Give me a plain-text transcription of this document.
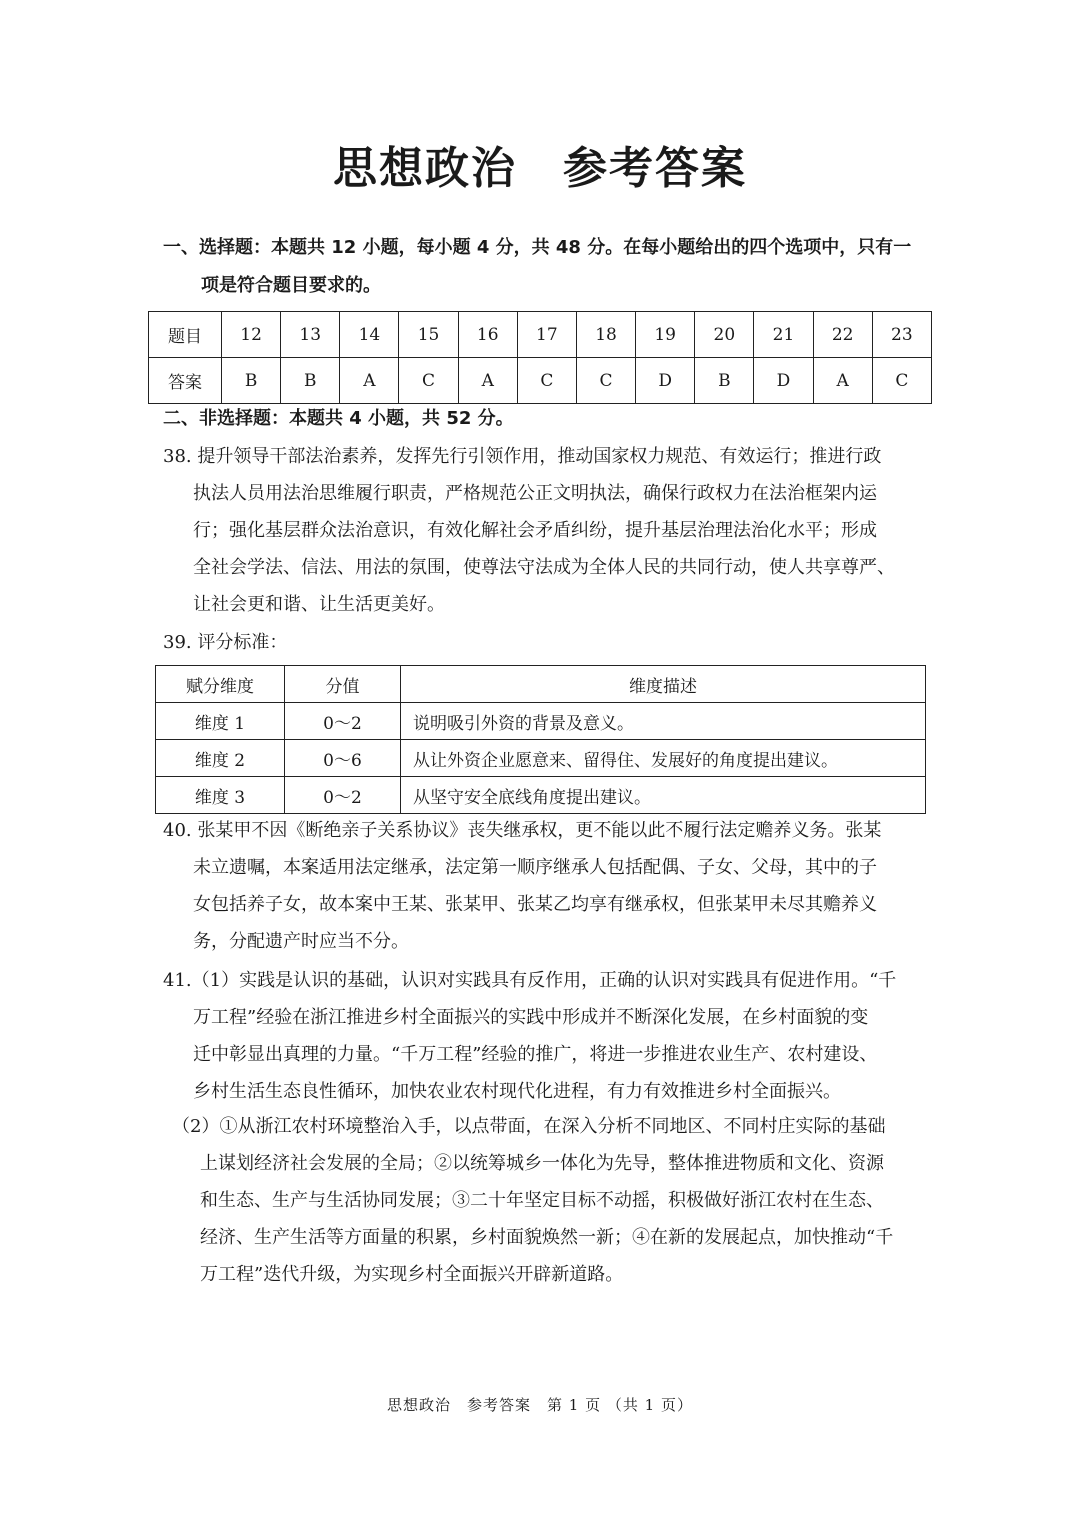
思想政治　参考答案
一、选择题：本题共 12 小题，每小题 4 分，共 48 分。在每小题给出的四个选项中，只有一
项是符合题目要求的。
题目	12	13	14	15	16	17	18	19	20	21	22	23
答案	B	B	A	C	A	C	C	D	B	D	A	C
二、非选择题：本题共 4 小题，共 52 分。
38. 提升领导干部法治素养，发挥先行引领作用，推动国家权力规范、有效运行；推进行政
执法人员用法治思维履行职责，严格规范公正文明执法，确保行政权力在法治框架内运
行；强化基层群众法治意识，有效化解社会矛盾纠纷，提升基层治理法治化水平；形成
全社会学法、信法、用法的氛围，使尊法守法成为全体人民的共同行动，使人共享尊严、
让社会更和谐、让生活更美好。
39. 评分标准：
赋分维度	分值	维度描述
维度 1	0～2	说明吸引外资的背景及意义。
维度 2	0～6	从让外资企业愿意来、留得住、发展好的角度提出建议。
维度 3	0～2	从坚守安全底线角度提出建议。
40. 张某甲不因《断绝亲子关系协议》丧失继承权，更不能以此不履行法定赡养义务。张某
未立遗嘱，本案适用法定继承，法定第一顺序继承人包括配偶、子女、父母，其中的子
女包括养子女，故本案中王某、张某甲、张某乙均享有继承权，但张某甲未尽其赡养义
务，分配遗产时应当不分。
41.（1）实践是认识的基础，认识对实践具有反作用，正确的认识对实践具有促进作用。“千
万工程”经验在浙江推进乡村全面振兴的实践中形成并不断深化发展，在乡村面貌的变
迁中彰显出真理的力量。“千万工程”经验的推广，将进一步推进农业生产、农村建设、
乡村生活生态良性循环，加快农业农村现代化进程，有力有效推进乡村全面振兴。
（2）①从浙江农村环境整治入手，以点带面，在深入分析不同地区、不同村庄实际的基础
上谋划经济社会发展的全局；②以统筹城乡一体化为先导，整体推进物质和文化、资源
和生态、生产与生活协同发展；③二十年坚定目标不动摇，积极做好浙江农村在生态、
经济、生产生活等方面量的积累，乡村面貌焕然一新；④在新的发展起点，加快推动“千
万工程”迭代升级，为实现乡村全面振兴开辟新道路。
思想政治　参考答案　第 1 页 （共 1 页）
